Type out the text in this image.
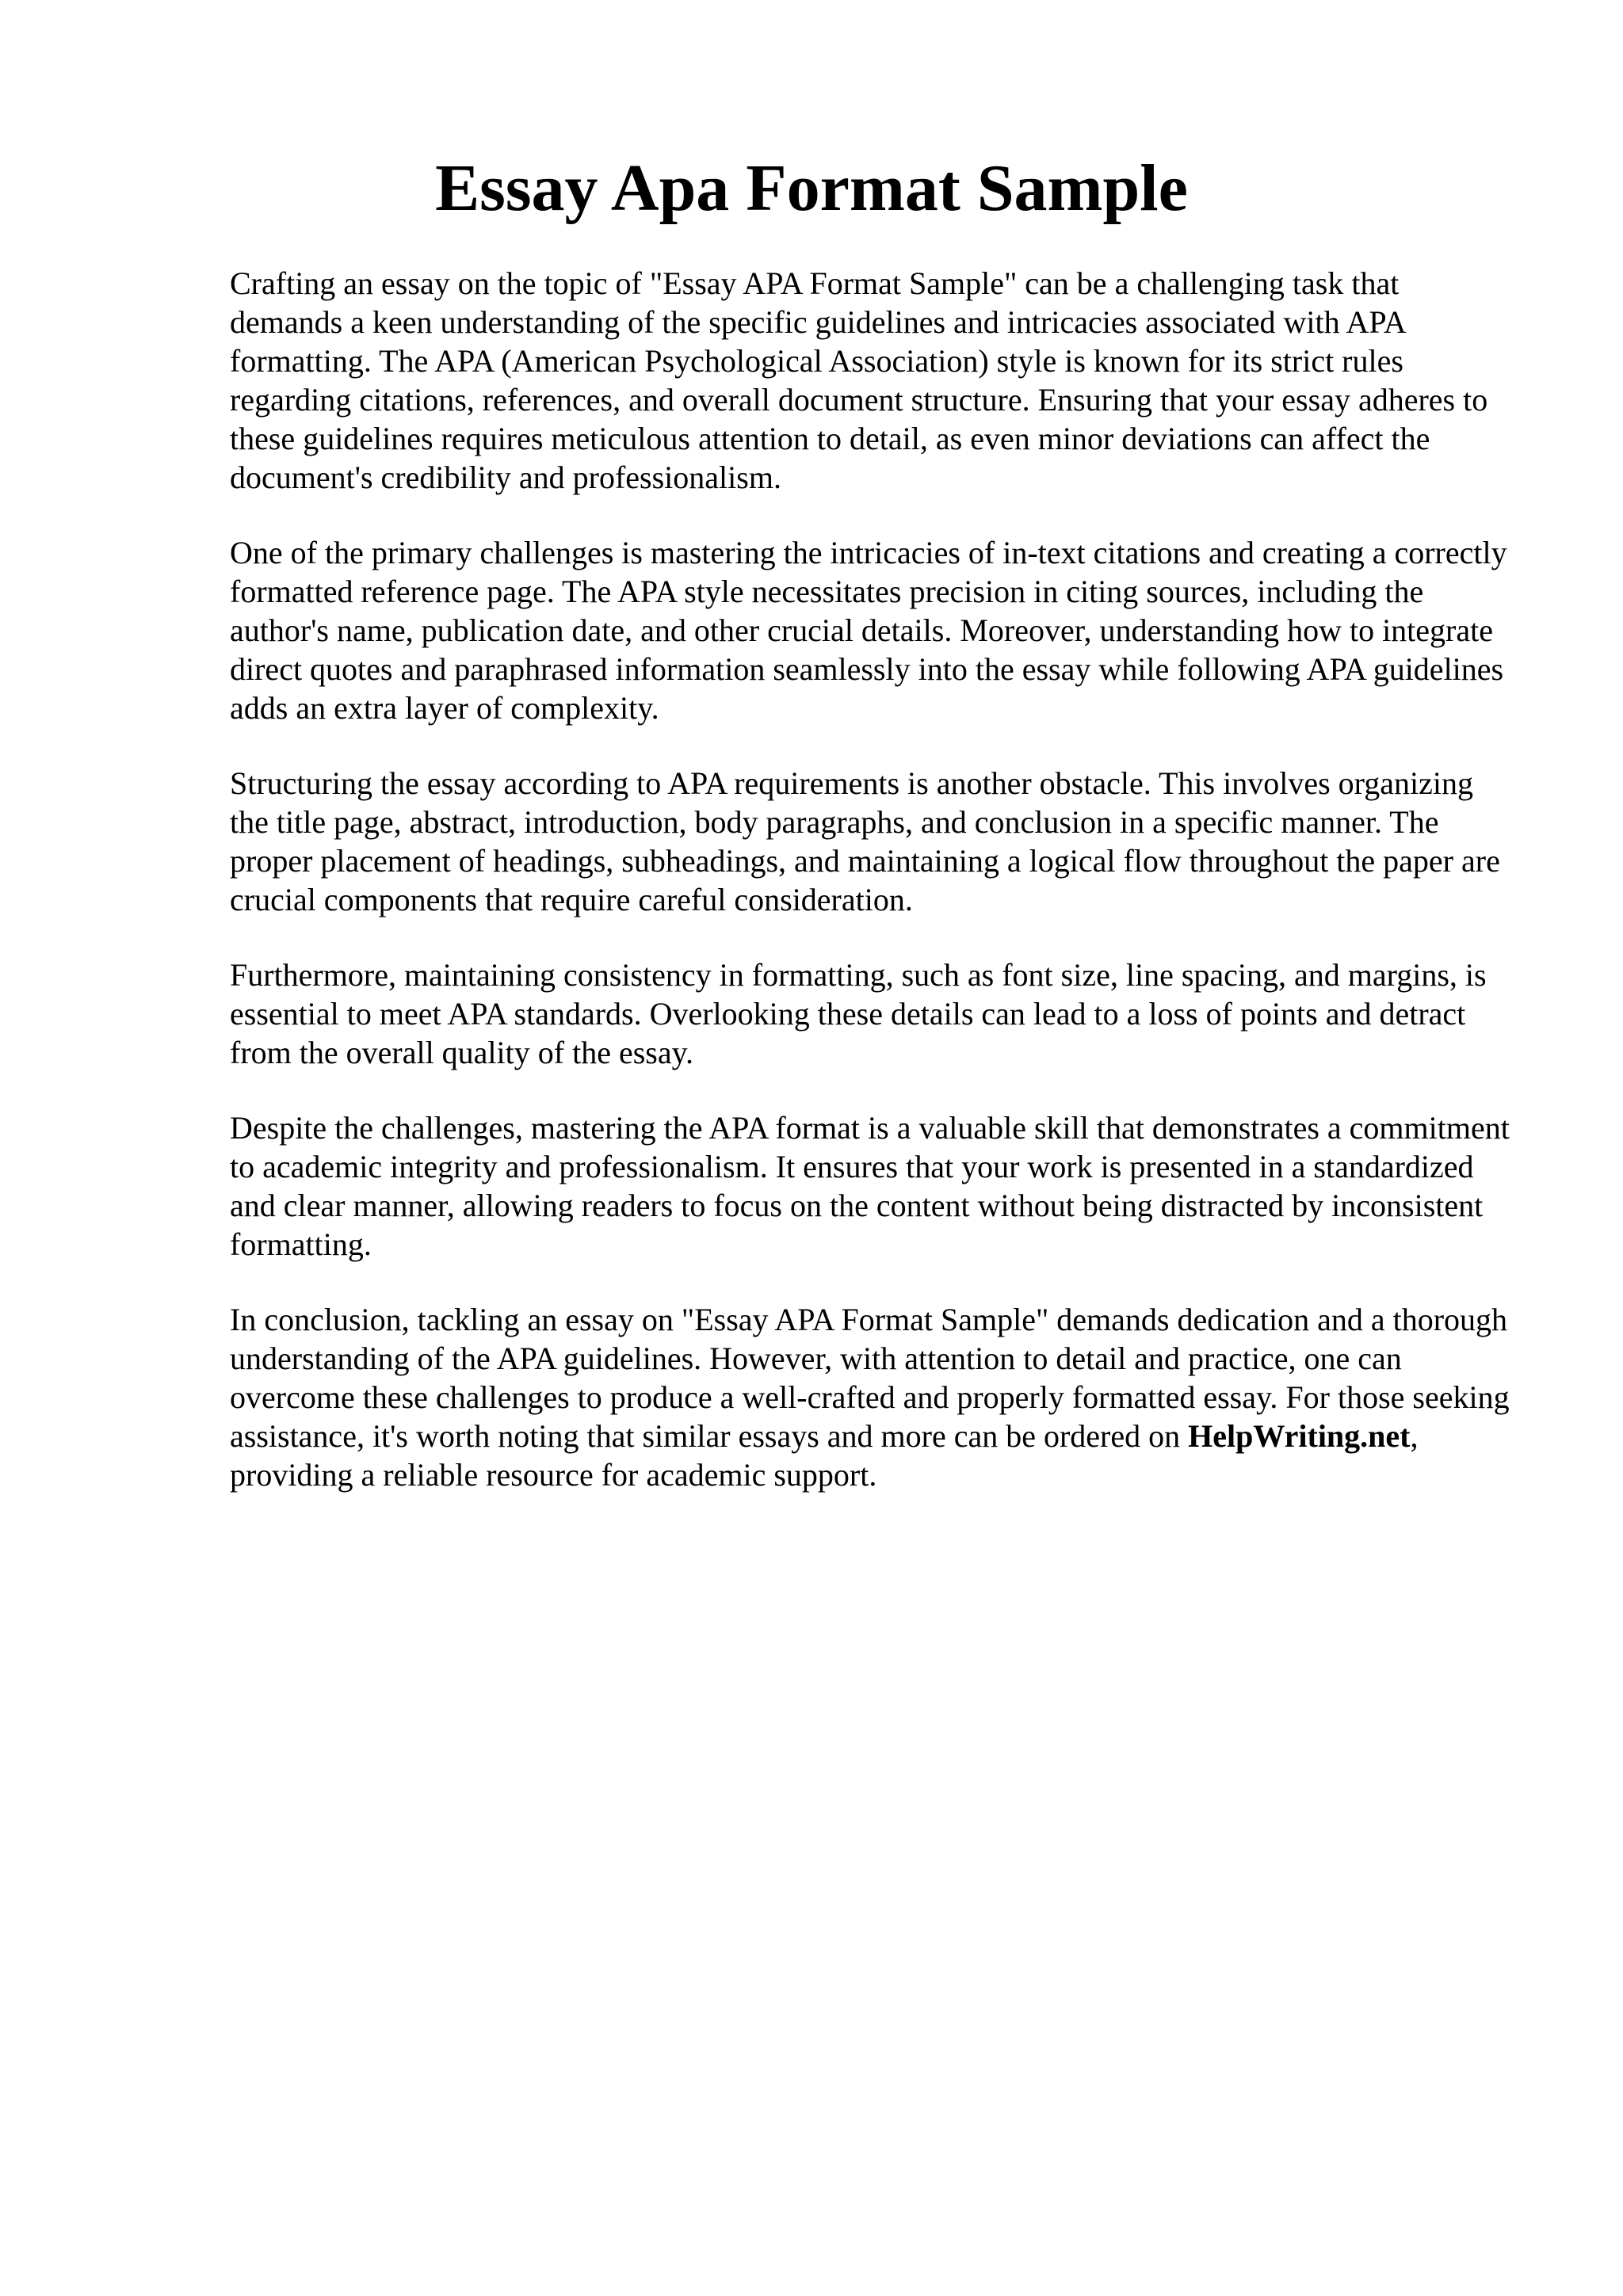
Essay Apa Format Sample

Crafting an essay on the topic of "Essay APA Format Sample" can be a challenging task that demands a keen understanding of the specific guidelines and intricacies associated with APA formatting. The APA (American Psychological Association) style is known for its strict rules regarding citations, references, and overall document structure. Ensuring that your essay adheres to these guidelines requires meticulous attention to detail, as even minor deviations can affect the document's credibility and professionalism.

One of the primary challenges is mastering the intricacies of in-text citations and creating a correctly formatted reference page. The APA style necessitates precision in citing sources, including the author's name, publication date, and other crucial details. Moreover, understanding how to integrate direct quotes and paraphrased information seamlessly into the essay while following APA guidelines adds an extra layer of complexity.

Structuring the essay according to APA requirements is another obstacle. This involves organizing the title page, abstract, introduction, body paragraphs, and conclusion in a specific manner. The proper placement of headings, subheadings, and maintaining a logical flow throughout the paper are crucial components that require careful consideration.

Furthermore, maintaining consistency in formatting, such as font size, line spacing, and margins, is essential to meet APA standards. Overlooking these details can lead to a loss of points and detract from the overall quality of the essay.

Despite the challenges, mastering the APA format is a valuable skill that demonstrates a commitment to academic integrity and professionalism. It ensures that your work is presented in a standardized and clear manner, allowing readers to focus on the content without being distracted by inconsistent formatting.

In conclusion, tackling an essay on "Essay APA Format Sample" demands dedication and a thorough understanding of the APA guidelines. However, with attention to detail and practice, one can overcome these challenges to produce a well-crafted and properly formatted essay. For those seeking assistance, it's worth noting that similar essays and more can be ordered on HelpWriting.net, providing a reliable resource for academic support.
